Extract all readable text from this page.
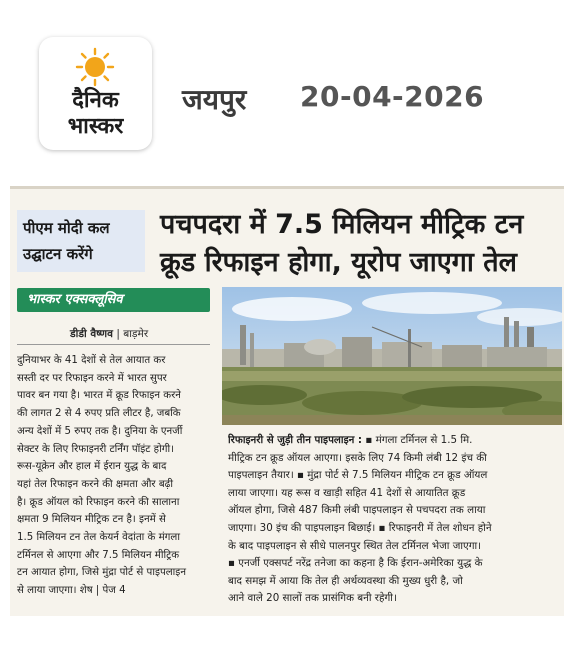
दैनिक
भास्कर
जयपुर 20-04-2026
पीएम मोदी कल
उद्घाटन करेंगे
पचपदरा में 7.5 मिलियन मीट्रिक टन
क्रूड रिफाइन होगा, यूरोप जाएगा तेल
भास्कर एक्सक्लूसिव
डीडी वैष्णव | बाड़मेर
दुनियाभर के 41 देशों से तेल आयात कर
सस्ती दर पर रिफाइन करने में भारत सुपर
पावर बन गया है। भारत में क्रूड रिफाइन करने
की लागत 2 से 4 रुपए प्रति लीटर है, जबकि
अन्य देशों में 5 रुपए तक है। दुनिया के एनर्जी
सेक्टर के लिए रिफाइनरी टर्निंग पॉइंट होगी।
रूस-यूक्रेन और हाल में ईरान युद्ध के बाद
यहां तेल रिफाइन करने की क्षमता और बढ़ी
है। क्रूड ऑयल को रिफाइन करने की सालाना
क्षमता 9 मिलियन मीट्रिक टन है। इनमें से
1.5 मिलियन टन तेल केयर्न वेदांता के मंगला
टर्मिनल से आएगा और 7.5 मिलियन मीट्रिक
टन आयात होगा, जिसे मुंद्रा पोर्ट से पाइपलाइन
से लाया जाएगा। शेष | पेज 4
रिफाइनरी से जुड़ी तीन पाइपलाइन : ▪ मंगला टर्मिनल से 1.5 मि.
मीट्रिक टन क्रूड ऑयल आएगा। इसके लिए 74 किमी लंबी 12 इंच की
पाइपलाइन तैयार। ▪ मुंद्रा पोर्ट से 7.5 मिलियन मीट्रिक टन क्रूड ऑयल
लाया जाएगा। यह रूस व खाड़ी सहित 41 देशों से आयातित क्रूड
ऑयल होगा, जिसे 487 किमी लंबी पाइपलाइन से पचपदरा तक लाया
जाएगा। 30 इंच की पाइपलाइन बिछाई। ▪ रिफाइनरी में तेल शोधन होने
के बाद पाइपलाइन से सीधे पालनपुर स्थित तेल टर्मिनल भेजा जाएगा।
▪ एनर्जी एक्सपर्ट नरेंद्र तनेजा का कहना है कि ईरान-अमेरिका युद्ध के
बाद समझ में आया कि तेल ही अर्थव्यवस्था की मुख्य धुरी है, जो
आने वाले 20 सालों तक प्रासंगिक बनी रहेगी।
